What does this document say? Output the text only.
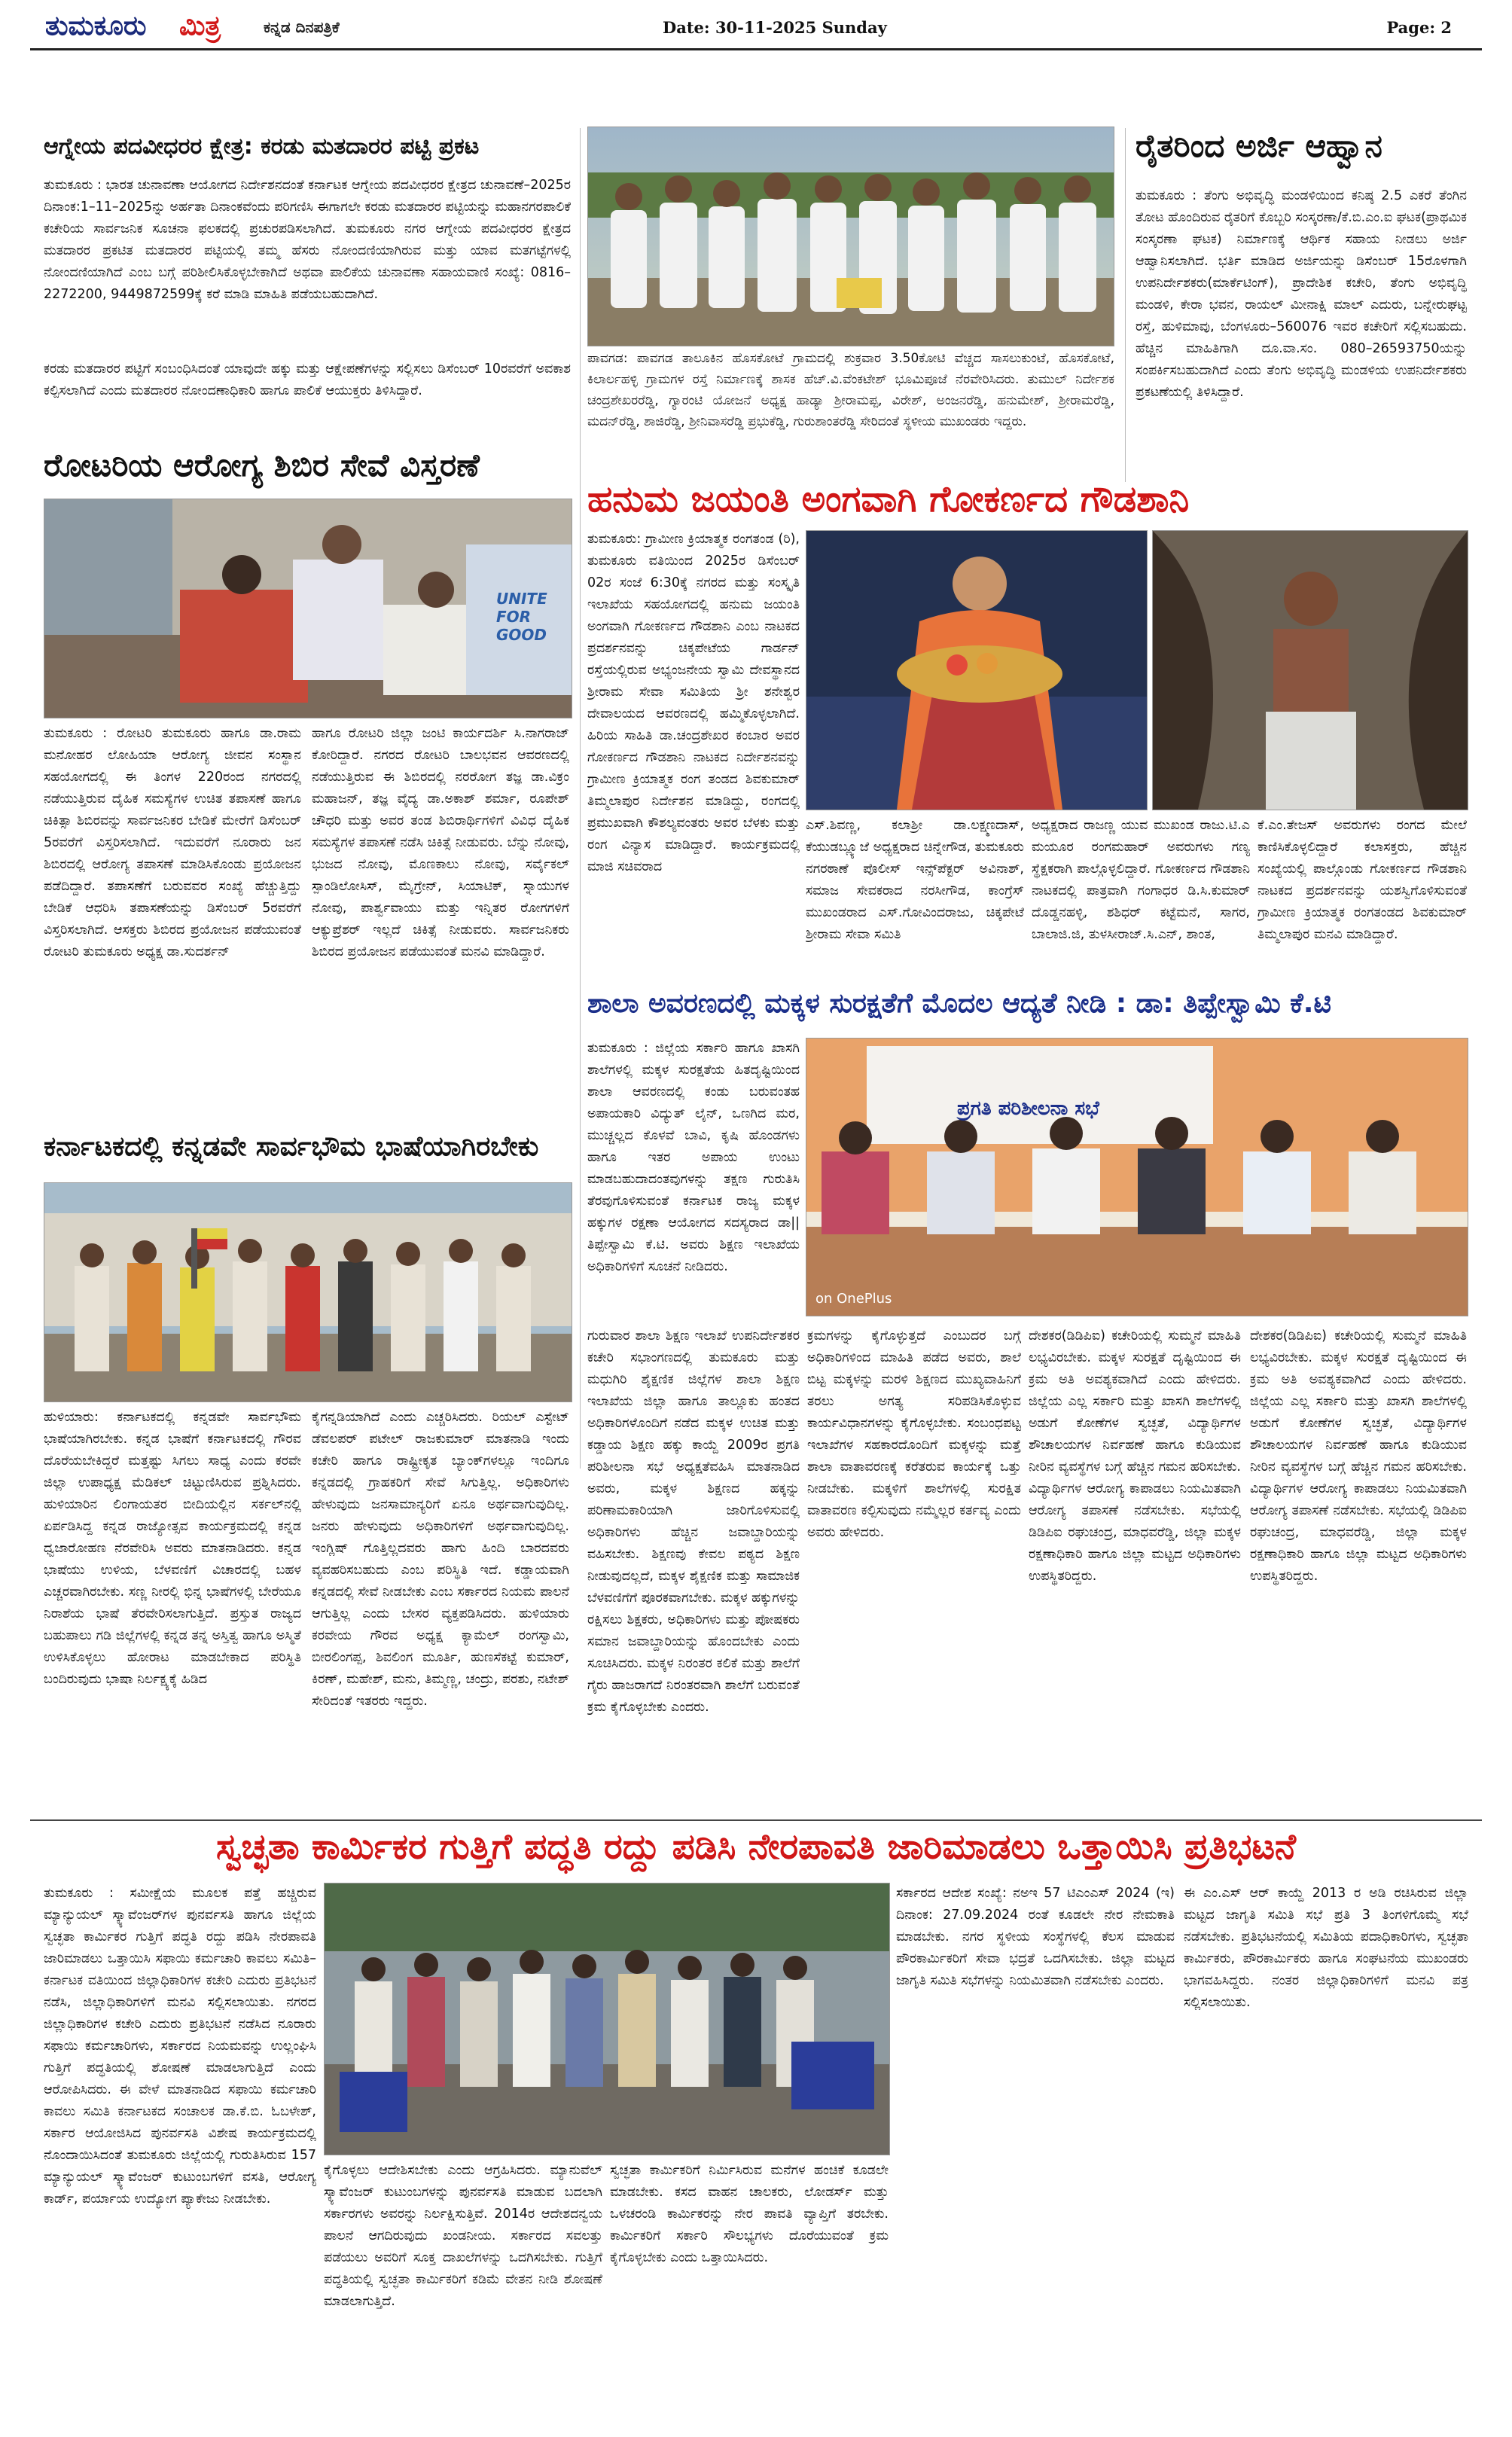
ತುಮಕೂರು ಮಿತ್ರ	ಕನ್ನಡ ದಿನಪತ್ರಿಕೆ	Date: 30-11-2025 Sunday	Page: 2
ಆಗ್ನೇಯ ಪದವೀಧರರ ಕ್ಷೇತ್ರ: ಕರಡು ಮತದಾರರ ಪಟ್ಟಿ ಪ್ರಕಟ
ತುಮಕೂರು : ಭಾರತ ಚುನಾವಣಾ ಆಯೋಗದ ನಿರ್ದೇಶನದಂತೆ ಕರ್ನಾಟಕ ಆಗ್ನೇಯ ಪದವೀಧರರ ಕ್ಷೇತ್ರದ ಚುನಾವಣೆ–2025ರ ದಿನಾಂಕ:1–11–2025ನ್ನು ಅರ್ಹತಾ ದಿನಾಂಕವೆಂದು ಪರಿಗಣಿಸಿ ಈಗಾಗಲೇ ಕರಡು ಮತದಾರರ ಪಟ್ಟಿಯನ್ನು ಮಹಾನಗರಪಾಲಿಕೆ ಕಚೇರಿಯ ಸಾರ್ವಜನಿಕ ಸೂಚನಾ ಫಲಕದಲ್ಲಿ ಪ್ರಚುರಪಡಿಸಲಾಗಿದೆ. ತುಮಕೂರು ನಗರ ಆಗ್ನೇಯ ಪದವೀಧರರ ಕ್ಷೇತ್ರದ ಮತದಾರರ ಪ್ರಕಟಿತ ಮತದಾರರ ಪಟ್ಟಿಯಲ್ಲಿ ತಮ್ಮ ಹೆಸರು ನೋಂದಣಿಯಾಗಿರುವ ಮತ್ತು ಯಾವ ಮತಗಟ್ಟೆಗಳಲ್ಲಿ ನೋಂದಣಿಯಾಗಿದೆ ಎಂಬ ಬಗ್ಗೆ ಪರಿಶೀಲಿಸಿಕೊಳ್ಳಬೇಕಾಗಿದೆ ಅಥವಾ ಪಾಲಿಕೆಯ ಚುನಾವಣಾ ಸಹಾಯವಾಣಿ ಸಂಖ್ಯೆ: 0816–2272200, 9449872599ಕ್ಕೆ ಕರೆ ಮಾಡಿ ಮಾಹಿತಿ ಪಡೆಯಬಹುದಾಗಿದೆ.
ಕರಡು ಮತದಾರರ ಪಟ್ಟಿಗೆ ಸಂಬಂಧಿಸಿದಂತೆ ಯಾವುದೇ ಹಕ್ಕು ಮತ್ತು ಆಕ್ಷೇಪಣೆಗಳನ್ನು ಸಲ್ಲಿಸಲು ಡಿಸೆಂಬರ್ 10ರವರೆಗೆ ಅವಕಾಶ ಕಲ್ಪಿಸಲಾಗಿದೆ ಎಂದು ಮತದಾರರ ನೋಂದಣಾಧಿಕಾರಿ ಹಾಗೂ ಪಾಲಿಕೆ ಆಯುಕ್ತರು ತಿಳಿಸಿದ್ದಾರೆ.
ಪಾವಗಡ: ಪಾವಗಡ ತಾಲೂಕಿನ ಹೊಸಕೋಟೆ ಗ್ರಾಮದಲ್ಲಿ ಶುಕ್ರವಾರ 3.50ಕೋಟಿ ವೆಚ್ಚದ ಸಾಸಲುಕುಂಟೆ, ಹೊಸಕೋಟೆ, ಕಿಲಾರ್ಲಹಳ್ಳಿ ಗ್ರಾಮಗಳ ರಸ್ತೆ ನಿರ್ಮಾಣಕ್ಕೆ ಶಾಸಕ ಹೆಚ್.ವಿ.ವೆಂಕಟೇಶ್ ಭೂಮಿಪೂಜೆ ನೆರವೇರಿಸಿದರು. ತುಮುಲ್ ನಿರ್ದೇಶಕ ಚಂದ್ರಶೇಖರರೆಡ್ಡಿ, ಗ್ಯಾರಂಟಿ ಯೋಜನೆ ಅಧ್ಯಕ್ಷ ಹಾಡ್ಯಾ ಶ್ರೀರಾಮಪ್ಪ, ವಿರೇಶ್, ಅಂಜನರೆಡ್ಡಿ, ಹನುಮೇಶ್, ಶ್ರೀರಾಮರೆಡ್ಡಿ, ಮದನ್‌ರೆಡ್ಡಿ, ಶಾಜಿರೆಡ್ಡಿ, ಶ್ರೀನಿವಾಸರೆಡ್ಡಿ ಪ್ರಭುಕೆಡ್ಡಿ, ಗುರುಶಾಂತರೆಡ್ಡಿ ಸೇರಿದಂತೆ ಸ್ಥಳೀಯ ಮುಖಂಡರು ಇದ್ದರು.
ರೈತರಿಂದ ಅರ್ಜಿ ಆಹ್ವಾನ
ತುಮಕೂರು : ತೆಂಗು ಅಭಿವೃದ್ಧಿ ಮಂಡಳಿಯಿಂದ ಕನಿಷ್ಠ 2.5 ಎಕರೆ ತೆಂಗಿನ ತೋಟ ಹೊಂದಿರುವ ರೈತರಿಗೆ ಕೊಬ್ಬರಿ ಸಂಸ್ಕರಣಾ/ಕೆ.ಬಿ.ಎಂ.ಐ ಘಟಕ(ಪ್ರಾಥಮಿಕ ಸಂಸ್ಕರಣಾ ಘಟಕ) ನಿರ್ಮಾಣಕ್ಕೆ ಆರ್ಥಿಕ ಸಹಾಯ ನೀಡಲು ಅರ್ಜಿ ಆಹ್ವಾನಿಸಲಾಗಿದೆ. ಭರ್ತಿ ಮಾಡಿದ ಅರ್ಜಿಯನ್ನು ಡಿಸೆಂಬರ್ 15ರೊಳಗಾಗಿ ಉಪನಿರ್ದೇಶಕರು(ಮಾರ್ಕೆಟಿಂಗ್), ಪ್ರಾದೇಶಿಕ ಕಚೇರಿ, ತೆಂಗು ಅಭಿವೃದ್ಧಿ ಮಂಡಳಿ, ಕೇರಾ ಭವನ, ರಾಯಲ್ ಮೀನಾಕ್ಷಿ ಮಾಲ್ ಎದುರು, ಬನ್ನೇರುಘಟ್ಟ ರಸ್ತೆ, ಹುಳಿಮಾವು, ಬೆಂಗಳೂರು–560076 ಇವರ ಕಚೇರಿಗೆ ಸಲ್ಲಿಸಬಹುದು. ಹೆಚ್ಚಿನ ಮಾಹಿತಿಗಾಗಿ ದೂ.ವಾ.ಸಂ. 080–26593750ಯನ್ನು ಸಂಪರ್ಕಿಸಬಹುದಾಗಿದೆ ಎಂದು ತೆಂಗು ಅಭಿವೃದ್ಧಿ ಮಂಡಳಿಯ ಉಪನಿರ್ದೇಶಕರು ಪ್ರಕಟಣೆಯಲ್ಲಿ ತಿಳಿಸಿದ್ದಾರೆ.
ರೋಟರಿಯ ಆರೋಗ್ಯ ಶಿಬಿರ ಸೇವೆ ವಿಸ್ತರಣೆ
UNITE FOR GOOD
ತುಮಕೂರು : ರೋಟರಿ ತುಮಕೂರು ಹಾಗೂ ಡಾ.ರಾಮ ಮನೋಹರ ಲೋಹಿಯಾ ಆರೋಗ್ಯ ಜೀವನ ಸಂಸ್ಥಾನ ಸಹಯೋಗದಲ್ಲಿ ಈ ತಿಂಗಳ 220ರಂದ ನಗರದಲ್ಲಿ ನಡೆಯುತ್ತಿರುವ ದೈಹಿಕ ಸಮಸ್ಯೆಗಳ ಉಚಿತ ತಪಾಸಣೆ ಹಾಗೂ ಚಿಕಿತ್ಸಾ ಶಿಬಿರವನ್ನು ಸಾರ್ವಜನಿಕರ ಬೇಡಿಕೆ ಮೇರೆಗೆ ಡಿಸೆಂಬರ್ 5ರವರೆಗೆ ವಿಸ್ತರಿಸಲಾಗಿದೆ. ಇದುವರೆಗೆ ನೂರಾರು ಜನ ಶಿಬಿರದಲ್ಲಿ ಆರೋಗ್ಯ ತಪಾಸಣೆ ಮಾಡಿಸಿಕೊಂಡು ಪ್ರಯೋಜನ ಪಡೆದಿದ್ದಾರೆ. ತಪಾಸಣೆಗೆ ಬರುವವರ ಸಂಖ್ಯೆ ಹೆಚ್ಚುತ್ತಿದ್ದು ಬೇಡಿಕೆ ಆಧರಿಸಿ ತಪಾಸಣೆಯನ್ನು ಡಿಸೆಂಬರ್ 5ರವರೆಗೆ ವಿಸ್ತರಿಸಲಾಗಿದೆ. ಆಸಕ್ತರು ಶಿಬಿರದ ಪ್ರಯೋಜನ ಪಡೆಯುವಂತೆ ರೋಟರಿ ತುಮಕೂರು ಅಧ್ಯಕ್ಷ ಡಾ.ಸುದರ್ಶನ್
ಹಾಗೂ ರೋಟರಿ ಜಿಲ್ಲಾ ಜಂಟಿ ಕಾರ್ಯದರ್ಶಿ ಸಿ.ನಾಗರಾಜ್ ಕೋರಿದ್ದಾರೆ. ನಗರದ ರೋಟರಿ ಬಾಲಭವನ ಆವರಣದಲ್ಲಿ ನಡೆಯುತ್ತಿರುವ ಈ ಶಿಬಿರದಲ್ಲಿ ನರರೋಗ ತಜ್ಞ ಡಾ.ವಿಕ್ರಂ ಮಹಾಜನ್, ತಜ್ಞ ವೈದ್ಯ ಡಾ.ಅಕಾಶ್ ಶರ್ಮಾ, ರೂಪೇಶ್ ಚೌಧರಿ ಮತ್ತು ಅವರ ತಂಡ ಶಿಬಿರಾರ್ಥಿಗಳಿಗೆ ವಿವಿಧ ದೈಹಿಕ ಸಮಸ್ಯೆಗಳ ತಪಾಸಣೆ ನಡೆಸಿ ಚಿಕಿತ್ಸೆ ನೀಡುವರು. ಬೆನ್ನು ನೋವು, ಭುಜದ ನೋವು, ಮೊಣಕಾಲು ನೋವು, ಸರ್ವೈಕಲ್ ಸ್ಪಾಂಡಿಲೋಸಿಸ್, ಮೈಗ್ರೇನ್, ಸಿಯಾಟಿಕ್, ಸ್ನಾಯುಗಳ ನೋವು, ಪಾರ್ಶ್ವವಾಯು ಮತ್ತು ಇನ್ನಿತರ ರೋಗಗಳಿಗೆ ಆಕ್ಯುಪ್ರೆಶರ್ ಇಲ್ಲದೆ ಚಿಕಿತ್ಸೆ ನೀಡುವರು. ಸಾರ್ವಜನಿಕರು ಶಿಬಿರದ ಪ್ರಯೋಜನ ಪಡೆಯುವಂತೆ ಮನವಿ ಮಾಡಿದ್ದಾರೆ.
ಹನುಮ ಜಯಂತಿ ಅಂಗವಾಗಿ ಗೋಕರ್ಣದ ಗೌಡಶಾನಿ
ತುಮಕೂರು: ಗ್ರಾಮೀಣ ಕ್ರಿಯಾತ್ಮಕ ರಂಗತಂಡ (ರಿ), ತುಮಕೂರು ವತಿಯಿಂದ 2025ರ ಡಿಸೆಂಬರ್ 02ರ ಸಂಜೆ 6:30ಕ್ಕೆ ನಗರದ ಮತ್ತು ಸಂಸ್ಕೃತಿ ಇಲಾಖೆಯ ಸಹಯೋಗದಲ್ಲಿ ಹನುಮ ಜಯಂತಿ ಅಂಗವಾಗಿ ಗೋಕರ್ಣದ ಗೌಡಶಾನಿ ಎಂಬ ನಾಟಕದ ಪ್ರದರ್ಶನವನ್ನು ಚಿಕ್ಕಪೇಟೆಯ ಗಾರ್ಡನ್ ರಸ್ತೆಯಲ್ಲಿರುವ ಅಭ್ಯಂಜನೇಯ ಸ್ವಾಮಿ ದೇವಸ್ಥಾನದ ಶ್ರೀರಾಮ ಸೇವಾ ಸಮಿತಿಯ ಶ್ರೀ ಶನೇಶ್ವರ ದೇವಾಲಯದ ಆವರಣದಲ್ಲಿ ಹಮ್ಮಿಕೊಳ್ಳಲಾಗಿದೆ. ಹಿರಿಯ ಸಾಹಿತಿ ಡಾ.ಚಂದ್ರಶೇಖರ ಕಂಬಾರ ಅವರ ಗೋಕರ್ಣದ ಗೌಡಶಾನಿ ನಾಟಕದ ನಿರ್ದೇಶನವನ್ನು ಗ್ರಾಮೀಣ ಕ್ರಿಯಾತ್ಮಕ ರಂಗ ತಂಡದ ಶಿವಕುಮಾರ್ ತಿಮ್ಮಲಾಪುರ ನಿರ್ದೇಶನ ಮಾಡಿದ್ದು, ರಂಗದಲ್ಲಿ ಪ್ರಮುಖವಾಗಿ ಕೌಶಲ್ಯವಂತರು ಅವರ ಬೆಳಕು ಮತ್ತು ರಂಗ ವಿನ್ಯಾಸ ಮಾಡಿದ್ದಾರೆ. ಕಾರ್ಯಕ್ರಮದಲ್ಲಿ ಮಾಜಿ ಸಚಿವರಾದ
ಎಸ್.ಶಿವಣ್ಣ, ಕಲಾಶ್ರೀ ಡಾ.ಲಕ್ಷ್ಮಣದಾಸ್, ಕೆಯುಡಬ್ಲ್ಯೂಜೆ ಅಧ್ಯಕ್ಷರಾದ ಚಿನ್ನೇಗೌಡ, ತುಮಕೂರು ನಗರಠಾಣೆ ಪೊಲೀಸ್ ಇನ್ಸ್‌ಪೆಕ್ಟರ್ ಅವಿನಾಶ್, ಸಮಾಜ ಸೇವಕರಾದ ನರಸೀಗೌಡ, ಕಾಂಗ್ರೆಸ್ ಮುಖಂಡರಾದ ಎಸ್.ಗೋವಿಂದರಾಜು, ಚಿಕ್ಕಪೇಟೆ ಶ್ರೀರಾಮ ಸೇವಾ ಸಮಿತಿ
ಅಧ್ಯಕ್ಷರಾದ ರಾಜಣ್ಣ ಯುವ ಮುಖಂಡ ರಾಜು.ಟಿ.ಎ ಮಯೂರ ರಂಗಮಹಾರ್ ಅವರುಗಳು ಗಣ್ಯ ಸ್ಥೆಕ್ಷಕರಾಗಿ ಪಾಲ್ಗೊಳ್ಳಲಿದ್ದಾರೆ. ಗೋಕರ್ಣದ ಗೌಡಶಾನಿ ನಾಟಕದಲ್ಲಿ ಪಾತ್ರವಾಗಿ ಗಂಗಾಧರ ಡಿ.ಸಿ.ಕುಮಾರ್ ದೊಡ್ಡನಹಳ್ಳಿ, ಶಶಿಧರ್ ಕಟ್ಟೆಮನೆ, ಸಾಗರ, ಬಾಲಾಜಿ.ಜಿ, ತುಳಸೀರಾಜ್.ಸಿ.ಎನ್, ಶಾಂತ,
ಕೆ.ಎಂ.ತೇಜಸ್ ಅವರುಗಳು ರಂಗದ ಮೇಲೆ ಕಾಣಿಸಿಕೊಳ್ಳಲಿದ್ದಾರೆ ಕಲಾಸಕ್ತರು, ಹೆಚ್ಚಿನ ಸಂಖ್ಯೆಯಲ್ಲಿ ಪಾಲ್ಗೊಂಡು ಗೋಕರ್ಣದ ಗೌಡಶಾನಿ ನಾಟಕದ ಪ್ರದರ್ಶನವನ್ನು ಯಶಸ್ವಿಗೊಳಿಸುವಂತೆ ಗ್ರಾಮೀಣ ಕ್ರಿಯಾತ್ಮಕ ರಂಗತಂಡದ ಶಿವಕುಮಾರ್ ತಿಮ್ಮಲಾಪುರ ಮನವಿ ಮಾಡಿದ್ದಾರೆ.
ಕರ್ನಾಟಕದಲ್ಲಿ ಕನ್ನಡವೇ ಸಾರ್ವಭೌಮ ಭಾಷೆಯಾಗಿರಬೇಕು
ಹುಳಿಯಾರು: ಕರ್ನಾಟಕದಲ್ಲಿ ಕನ್ನಡವೇ ಸಾರ್ವಭೌಮ ಭಾಷೆಯಾಗಿರಬೇಕು. ಕನ್ನಡ ಭಾಷೆಗೆ ಕರ್ನಾಟಕದಲ್ಲಿ ಗೌರವ ದೊರೆಯಬೇಕಿದ್ದರೆ ಮತ್ತಷ್ಟು ಸಿಗಲು ಸಾಧ್ಯ ಎಂದು ಕರವೇ ಜಿಲ್ಲಾ ಉಪಾಧ್ಯಕ್ಷ ಮೆಡಿಕಲ್ ಚಿಟ್ಟುಣಿಸಿರುವ ಪ್ರಶ್ನಿಸಿದರು. ಹುಳಿಯಾರಿನ ಲಿಂಗಾಯತರ ಬೀದಿಯಲ್ಲಿನ ಸರ್ಕಲ್‌ನಲ್ಲಿ ಏರ್ಪಡಿಸಿದ್ದ ಕನ್ನಡ ರಾಜ್ಯೋತ್ಸವ ಕಾರ್ಯಕ್ರಮದಲ್ಲಿ ಕನ್ನಡ ಧ್ವಜಾರೋಹಣ ನೆರವೇರಿಸಿ ಅವರು ಮಾತನಾಡಿದರು. ಕನ್ನಡ ಭಾಷೆಯು ಉಳಿಯ, ಬೆಳವಣಿಗೆ ವಿಚಾರದಲ್ಲಿ ಬಹಳ ಎಚ್ಚರವಾಗಿರಬೇಕು. ಸಣ್ಣ ನೀರಲ್ಲಿ ಭಿನ್ನ ಭಾಷೆಗಳಲ್ಲಿ ಬೇರೆಯೂ ನಿರಾಶೆಯ ಭಾಷೆ ತೆರವೇರಿಸಲಾಗುತ್ತಿದೆ. ಪ್ರಸ್ತುತ ರಾಜ್ಯದ ಬಹುಪಾಲು ಗಡಿ ಜಿಲ್ಲೆಗಳಲ್ಲಿ ಕನ್ನಡ ತನ್ನ ಅಸ್ತಿತ್ವ ಹಾಗೂ ಅಸ್ಮಿತೆ ಉಳಿಸಿಕೊಳ್ಳಲು ಹೋರಾಟ ಮಾಡಬೇಕಾದ ಪರಿಸ್ಥಿತಿ ಬಂದಿರುವುದು ಭಾಷಾ ನಿರ್ಲಕ್ಷ್ಯಕ್ಕೆ ಹಿಡಿದ
ಕೈಗನ್ನಡಿಯಾಗಿದೆ ಎಂದು ಎಚ್ಚರಿಸಿದರು. ರಿಯಲ್ ಎಸ್ಟೇಟ್ ಡೆವಲಪರ್ ಪಟೇಲ್ ರಾಜಕುಮಾರ್ ಮಾತನಾಡಿ ಇಂದು ಕಚೇರಿ ಹಾಗೂ ರಾಷ್ಟ್ರೀಕೃತ ಬ್ಯಾಂಕ್‌ಗಳಲ್ಲೂ ಇಂದಿಗೂ ಕನ್ನಡದಲ್ಲಿ ಗ್ರಾಹಕರಿಗೆ ಸೇವೆ ಸಿಗುತ್ತಿಲ್ಲ. ಅಧಿಕಾರಿಗಳು ಹೇಳುವುದು ಜನಸಾಮಾನ್ಯರಿಗೆ ಏನೂ ಅರ್ಥವಾಗುವುದಿಲ್ಲ. ಜನರು ಹೇಳುವುದು ಅಧಿಕಾರಿಗಳಿಗೆ ಅರ್ಥವಾಗುವುದಿಲ್ಲ. ಇಂಗ್ಲಿಷ್ ಗೊತ್ತಿಲ್ಲದವರು ಹಾಗು ಹಿಂದಿ ಬಾರದವರು ವ್ಯವಹರಿಸಬಹುದು ಎಂಬ ಪರಿಸ್ಥಿತಿ ಇದೆ. ಕಡ್ಡಾಯವಾಗಿ ಕನ್ನಡದಲ್ಲಿ ಸೇವೆ ನೀಡಬೇಕು ಎಂಬ ಸರ್ಕಾರದ ನಿಯಮ ಪಾಲನೆ ಆಗುತ್ತಿಲ್ಲ ಎಂದು ಬೇಸರ ವ್ಯಕ್ತಪಡಿಸಿದರು. ಹುಳಿಯಾರು ಕರವೇಯ ಗೌರವ ಅಧ್ಯಕ್ಷ ಕ್ಯಾಮೆಲ್ ರಂಗಸ್ವಾಮಿ, ಬೀರಲಿಂಗಪ್ಪ, ಶಿವಲಿಂಗ ಮೂರ್ತಿ, ಹುಣಸೆಕಟ್ಟೆ ಕುಮಾರ್, ಕಿರಣ್, ಮಹೇಶ್, ಮನು, ತಿಮ್ಮಣ್ಣ, ಚಂದ್ರು, ಪರಶು, ನಟೇಶ್ ಸೇರಿದಂತೆ ಇತರರು ಇದ್ದರು.
ಶಾಲಾ ಅವರಣದಲ್ಲಿ ಮಕ್ಕಳ ಸುರಕ್ಷತೆಗೆ ಮೊದಲ ಆದ್ಯತೆ ನೀಡಿ : ಡಾ: ತಿಪ್ಪೇಸ್ವಾಮಿ ಕೆ.ಟಿ
ತುಮಕೂರು : ಜಿಲ್ಲೆಯ ಸರ್ಕಾರಿ ಹಾಗೂ ಖಾಸಗಿ ಶಾಲೆಗಳಲ್ಲಿ ಮಕ್ಕಳ ಸುರಕ್ಷತೆಯ ಹಿತದೃಷ್ಟಿಯಿಂದ ಶಾಲಾ ಆವರಣದಲ್ಲಿ ಕಂಡು ಬರುವಂತಹ ಅಪಾಯಕಾರಿ ವಿದ್ಯುತ್ ಲೈನ್, ಒಣಗಿದ ಮರ, ಮುಚ್ಚಲ್ಲದ ಕೊಳವೆ ಬಾವಿ, ಕೃಷಿ ಹೊಂಡಗಳು ಹಾಗೂ ಇತರ ಅಪಾಯ ಉಂಟು ಮಾಡಬಹುದಾದಂತವುಗಳನ್ನು ತಕ್ಷಣ ಗುರುತಿಸಿ ತೆರವುಗೊಳಿಸುವಂತೆ ಕರ್ನಾಟಕ ರಾಜ್ಯ ಮಕ್ಕಳ ಹಕ್ಕುಗಳ ರಕ್ಷಣಾ ಆಯೋಗದ ಸದಸ್ಯರಾದ ಡಾ|| ತಿಪ್ಪೇಸ್ವಾಮಿ ಕೆ.ಟಿ. ಅವರು ಶಿಕ್ಷಣ ಇಲಾಖೆಯ ಅಧಿಕಾರಿಗಳಿಗೆ ಸೂಚನೆ ನೀಡಿದರು.
ಪ್ರಗತಿ ಪರಿಶೀಲನಾ ಸಭೆ
on OnePlus
ಗುರುವಾರ ಶಾಲಾ ಶಿಕ್ಷಣ ಇಲಾಖೆ ಉಪನಿರ್ದೇಶಕರ ಕಚೇರಿ ಸಭಾಂಗಣದಲ್ಲಿ ತುಮಕೂರು ಮತ್ತು ಮಧುಗಿರಿ ಶೈಕ್ಷಣಿಕ ಜಿಲ್ಲೆಗಳ ಶಾಲಾ ಶಿಕ್ಷಣ ಇಲಾಖೆಯ ಜಿಲ್ಲಾ ಹಾಗೂ ತಾಲ್ಲೂಕು ಹಂತದ ಅಧಿಕಾರಿಗಳೊಂದಿಗೆ ನಡೆದ ಮಕ್ಕಳ ಉಚಿತ ಮತ್ತು ಕಡ್ಡಾಯ ಶಿಕ್ಷಣ ಹಕ್ಕು ಕಾಯ್ದೆ 2009ರ ಪ್ರಗತಿ ಪರಿಶೀಲನಾ ಸಭೆ ಅಧ್ಯಕ್ಷತೆವಹಿಸಿ ಮಾತನಾಡಿದ ಅವರು, ಮಕ್ಕಳ ಶಿಕ್ಷಣದ ಹಕ್ಕನ್ನು ಪರಿಣಾಮಕಾರಿಯಾಗಿ ಜಾರಿಗೊಳಿಸುವಲ್ಲಿ ಅಧಿಕಾರಿಗಳು ಹೆಚ್ಚಿನ ಜವಾಬ್ದಾರಿಯನ್ನು ವಹಿಸಬೇಕು. ಶಿಕ್ಷಣವು ಕೇವಲ ಪಠ್ಯದ ಶಿಕ್ಷಣ ನೀಡುವುದಲ್ಲದೆ, ಮಕ್ಕಳ ಶೈಕ್ಷಣಿಕ ಮತ್ತು ಸಾಮಾಜಿಕ ಬೆಳವಣಿಗೆಗೆ ಪೂರಕವಾಗಬೇಕು. ಮಕ್ಕಳ ಹಕ್ಕುಗಳನ್ನು ರಕ್ಷಿಸಲು ಶಿಕ್ಷಕರು, ಅಧಿಕಾರಿಗಳು ಮತ್ತು ಪೋಷಕರು ಸಮಾನ ಜವಾಬ್ದಾರಿಯನ್ನು ಹೊಂದಬೇಕು ಎಂದು ಸೂಚಿಸಿದರು. ಮಕ್ಕಳ ನಿರಂತರ ಕಲಿಕೆ ಮತ್ತು ಶಾಲೆಗೆ ಗೈರು ಹಾಜರಾಗದೆ ನಿರಂತರವಾಗಿ ಶಾಲೆಗೆ ಬರುವಂತೆ ಕ್ರಮ ಕೈಗೊಳ್ಳಬೇಕು ಎಂದರು.
ಕ್ರಮಗಳನ್ನು ಕೈಗೊಳ್ಳುತ್ತದೆ ಎಂಬುದರ ಬಗ್ಗೆ ಅಧಿಕಾರಿಗಳಿಂದ ಮಾಹಿತಿ ಪಡೆದ ಅವರು, ಶಾಲೆ ಬಿಟ್ಟ ಮಕ್ಕಳನ್ನು ಮರಳಿ ಶಿಕ್ಷಣದ ಮುಖ್ಯವಾಹಿನಿಗೆ ತರಲು ಅಗತ್ಯ ಸರಿಪಡಿಸಿಕೊಳ್ಳುವ ಕಾರ್ಯವಿಧಾನಗಳನ್ನು ಕೈಗೊಳ್ಳಬೇಕು. ಸಂಬಂಧಪಟ್ಟ ಇಲಾಖೆಗಳ ಸಹಕಾರದೊಂದಿಗೆ ಮಕ್ಕಳನ್ನು ಮತ್ತೆ ಶಾಲಾ ವಾತಾವರಣಕ್ಕೆ ಕರೆತರುವ ಕಾರ್ಯಕ್ಕೆ ಒತ್ತು ನೀಡಬೇಕು. ಮಕ್ಕಳಿಗೆ ಶಾಲೆಗಳಲ್ಲಿ ಸುರಕ್ಷಿತ ವಾತಾವರಣ ಕಲ್ಪಿಸುವುದು ನಮ್ಮೆಲ್ಲರ ಕರ್ತವ್ಯ ಎಂದು ಅವರು ಹೇಳಿದರು.
ದೇಶಕರ(ಡಿಡಿಪಿಐ) ಕಚೇರಿಯಲ್ಲಿ ಸುಮ್ಮನೆ ಮಾಹಿತಿ ಲಭ್ಯವಿರಬೇಕು. ಮಕ್ಕಳ ಸುರಕ್ಷತೆ ದೃಷ್ಟಿಯಿಂದ ಈ ಕ್ರಮ ಅತಿ ಅವಶ್ಯಕವಾಗಿದೆ ಎಂದು ಹೇಳಿದರು. ಜಿಲ್ಲೆಯ ಎಲ್ಲ ಸರ್ಕಾರಿ ಮತ್ತು ಖಾಸಗಿ ಶಾಲೆಗಳಲ್ಲಿ ಅಡುಗೆ ಕೋಣೆಗಳ ಸ್ವಚ್ಛತೆ, ವಿದ್ಯಾರ್ಥಿಗಳ ಶೌಚಾಲಯಗಳ ನಿರ್ವಹಣೆ ಹಾಗೂ ಕುಡಿಯುವ ನೀರಿನ ವ್ಯವಸ್ಥೆಗಳ ಬಗ್ಗೆ ಹೆಚ್ಚಿನ ಗಮನ ಹರಿಸಬೇಕು. ವಿದ್ಯಾರ್ಥಿಗಳ ಆರೋಗ್ಯ ಕಾಪಾಡಲು ನಿಯಮಿತವಾಗಿ ಆರೋಗ್ಯ ತಪಾಸಣೆ ನಡೆಸಬೇಕು. ಸಭೆಯಲ್ಲಿ ಡಿಡಿಪಿಐ ರಘುಚಂದ್ರ, ಮಾಧವರೆಡ್ಡಿ, ಜಿಲ್ಲಾ ಮಕ್ಕಳ ರಕ್ಷಣಾಧಿಕಾರಿ ಹಾಗೂ ಜಿಲ್ಲಾ ಮಟ್ಟದ ಅಧಿಕಾರಿಗಳು ಉಪಸ್ಥಿತರಿದ್ದರು.
ದೇಶಕರ(ಡಿಡಿಪಿಐ) ಕಚೇರಿಯಲ್ಲಿ ಸುಮ್ಮನೆ ಮಾಹಿತಿ ಲಭ್ಯವಿರಬೇಕು. ಮಕ್ಕಳ ಸುರಕ್ಷತೆ ದೃಷ್ಟಿಯಿಂದ ಈ ಕ್ರಮ ಅತಿ ಅವಶ್ಯಕವಾಗಿದೆ ಎಂದು ಹೇಳಿದರು. ಜಿಲ್ಲೆಯ ಎಲ್ಲ ಸರ್ಕಾರಿ ಮತ್ತು ಖಾಸಗಿ ಶಾಲೆಗಳಲ್ಲಿ ಅಡುಗೆ ಕೋಣೆಗಳ ಸ್ವಚ್ಛತೆ, ವಿದ್ಯಾರ್ಥಿಗಳ ಶೌಚಾಲಯಗಳ ನಿರ್ವಹಣೆ ಹಾಗೂ ಕುಡಿಯುವ ನೀರಿನ ವ್ಯವಸ್ಥೆಗಳ ಬಗ್ಗೆ ಹೆಚ್ಚಿನ ಗಮನ ಹರಿಸಬೇಕು. ವಿದ್ಯಾರ್ಥಿಗಳ ಆರೋಗ್ಯ ಕಾಪಾಡಲು ನಿಯಮಿತವಾಗಿ ಆರೋಗ್ಯ ತಪಾಸಣೆ ನಡೆಸಬೇಕು. ಸಭೆಯಲ್ಲಿ ಡಿಡಿಪಿಐ ರಘುಚಂದ್ರ, ಮಾಧವರೆಡ್ಡಿ, ಜಿಲ್ಲಾ ಮಕ್ಕಳ ರಕ್ಷಣಾಧಿಕಾರಿ ಹಾಗೂ ಜಿಲ್ಲಾ ಮಟ್ಟದ ಅಧಿಕಾರಿಗಳು ಉಪಸ್ಥಿತರಿದ್ದರು.
ಸ್ವಚ್ಛತಾ ಕಾರ್ಮಿಕರ ಗುತ್ತಿಗೆ ಪದ್ಧತಿ ರದ್ದು ಪಡಿಸಿ ನೇರಪಾವತಿ ಜಾರಿಮಾಡಲು ಒತ್ತಾಯಿಸಿ ಪ್ರತಿಭಟನೆ
ತುಮಕೂರು : ಸಮೀಕ್ಷೆಯ ಮೂಲಕ ಪತ್ತೆ ಹಚ್ಚಿರುವ ಮ್ಯಾನ್ಯುಯಲ್ ಸ್ಕ್ಯಾವೆಂಜರ್‌ಗಳ ಪುನರ್ವಸತಿ ಹಾಗೂ ಜಿಲ್ಲೆಯ ಸ್ವಚ್ಛತಾ ಕಾರ್ಮಿಕರ ಗುತ್ತಿಗೆ ಪದ್ಧತಿ ರದ್ದು ಪಡಿಸಿ ನೇರಪಾವತಿ ಜಾರಿಮಾಡಲು ಒತ್ತಾಯಿಸಿ ಸಫಾಯಿ ಕರ್ಮಚಾರಿ ಕಾವಲು ಸಮಿತಿ–ಕರ್ನಾಟಕ ವತಿಯಿಂದ ಜಿಲ್ಲಾಧಿಕಾರಿಗಳ ಕಚೇರಿ ಎದುರು ಪ್ರತಿಭಟನೆ ನಡೆಸಿ, ಜಿಲ್ಲಾಧಿಕಾರಿಗಳಿಗೆ ಮನವಿ ಸಲ್ಲಿಸಲಾಯಿತು. ನಗರದ ಜಿಲ್ಲಾಧಿಕಾರಿಗಳ ಕಚೇರಿ ಎದುರು ಪ್ರತಿಭಟನೆ ನಡೆಸಿದ ನೂರಾರು ಸಫಾಯಿ ಕರ್ಮಚಾರಿಗಳು, ಸರ್ಕಾರದ ನಿಯಮವನ್ನು ಉಲ್ಲಂಘಿಸಿ ಗುತ್ತಿಗೆ ಪದ್ಧತಿಯಲ್ಲಿ ಶೋಷಣೆ ಮಾಡಲಾಗುತ್ತಿದೆ ಎಂದು ಆರೋಪಿಸಿದರು. ಈ ವೇಳೆ ಮಾತನಾಡಿದ ಸಫಾಯಿ ಕರ್ಮಚಾರಿ ಕಾವಲು ಸಮಿತಿ ಕರ್ನಾಟಕದ ಸಂಚಾಲಕ ಡಾ.ಕೆ.ಬಿ. ಓಬಳೇಶ್, ಸರ್ಕಾರ ಆಯೋಜಿಸಿದ ಪುನರ್ವಸತಿ ವಿಶೇಷ ಕಾರ್ಯಕ್ರಮದಲ್ಲಿ ನೊಂದಾಯಿಸಿದಂತೆ ತುಮಕೂರು ಜಿಲ್ಲೆಯಲ್ಲಿ ಗುರುತಿಸಿರುವ 157 ಮ್ಯಾನ್ಯುಯಲ್ ಸ್ಕ್ಯಾವೆಂಜರ್ ಕುಟುಂಬಗಳಿಗೆ ವಸತಿ, ಆರೋಗ್ಯ ಕಾರ್ಡ್, ಪರ್ಯಾಯ ಉದ್ಯೋಗ ಪ್ಯಾಕೇಜು ನೀಡಬೇಕು.
ಕೈಗೊಳ್ಳಲು ಆದೇಶಿಸಬೇಕು ಎಂದು ಆಗ್ರಹಿಸಿದರು. ಮ್ಯಾನುವೆಲ್ ಸ್ಕ್ಯಾವೆಂಜರ್ ಕುಟುಂಬಗಳನ್ನು ಪುನರ್ವಸತಿ ಮಾಡುವ ಬದಲಾಗಿ ಸರ್ಕಾರಗಳು ಅವರನ್ನು ನಿರ್ಲಕ್ಷಿಸುತ್ತಿವೆ. 2014ರ ಆದೇಶದನ್ವಯ ಪಾಲನೆ ಆಗದಿರುವುದು ಖಂಡನೀಯ. ಸರ್ಕಾರದ ಸವಲತ್ತು ಪಡೆಯಲು ಅವರಿಗೆ ಸೂಕ್ತ ದಾಖಲೆಗಳನ್ನು ಒದಗಿಸಬೇಕು. ಗುತ್ತಿಗೆ ಪದ್ಧತಿಯಲ್ಲಿ ಸ್ವಚ್ಛತಾ ಕಾರ್ಮಿಕರಿಗೆ ಕಡಿಮೆ ವೇತನ ನೀಡಿ ಶೋಷಣೆ ಮಾಡಲಾಗುತ್ತಿದೆ.
ಸ್ವಚ್ಛತಾ ಕಾರ್ಮಿಕರಿಗೆ ನಿರ್ಮಿಸಿರುವ ಮನೆಗಳ ಹಂಚಿಕೆ ಕೂಡಲೇ ಮಾಡಬೇಕು. ಕಸದ ವಾಹನ ಚಾಲಕರು, ಲೋಡರ್ಸ್ ಮತ್ತು ಒಳಚರಂಡಿ ಕಾರ್ಮಿಕರನ್ನು ನೇರ ಪಾವತಿ ವ್ಯಾಪ್ತಿಗೆ ತರಬೇಕು. ಕಾರ್ಮಿಕರಿಗೆ ಸರ್ಕಾರಿ ಸೌಲಭ್ಯಗಳು ದೊರೆಯುವಂತೆ ಕ್ರಮ ಕೈಗೊಳ್ಳಬೇಕು ಎಂದು ಒತ್ತಾಯಿಸಿದರು.
ಸರ್ಕಾರದ ಆದೇಶ ಸಂಖ್ಯೆ: ನಅಇ 57 ಟಿಎಂಎಸ್ 2024 (ಇ) ದಿನಾಂಕ: 27.09.2024 ರಂತೆ ಕೂಡಲೇ ನೇರ ನೇಮಕಾತಿ ಮಾಡಬೇಕು. ನಗರ ಸ್ಥಳೀಯ ಸಂಸ್ಥೆಗಳಲ್ಲಿ ಕೆಲಸ ಮಾಡುವ ಪೌರಕಾರ್ಮಿಕರಿಗೆ ಸೇವಾ ಭದ್ರತೆ ಒದಗಿಸಬೇಕು. ಜಿಲ್ಲಾ ಮಟ್ಟದ ಜಾಗೃತಿ ಸಮಿತಿ ಸಭೆಗಳನ್ನು ನಿಯಮಿತವಾಗಿ ನಡೆಸಬೇಕು ಎಂದರು.
ಈ ಎಂ.ಎಸ್ ಆರ್ ಕಾಯ್ದೆ 2013 ರ ಅಡಿ ರಚಿಸಿರುವ ಜಿಲ್ಲಾ ಮಟ್ಟದ ಜಾಗೃತಿ ಸಮಿತಿ ಸಭೆ ಪ್ರತಿ 3 ತಿಂಗಳಿಗೊಮ್ಮೆ ಸಭೆ ನಡೆಸಬೇಕು. ಪ್ರತಿಭಟನೆಯಲ್ಲಿ ಸಮಿತಿಯ ಪದಾಧಿಕಾರಿಗಳು, ಸ್ವಚ್ಛತಾ ಕಾರ್ಮಿಕರು, ಪೌರಕಾರ್ಮಿಕರು ಹಾಗೂ ಸಂಘಟನೆಯ ಮುಖಂಡರು ಭಾಗವಹಿಸಿದ್ದರು. ನಂತರ ಜಿಲ್ಲಾಧಿಕಾರಿಗಳಿಗೆ ಮನವಿ ಪತ್ರ ಸಲ್ಲಿಸಲಾಯಿತು.
